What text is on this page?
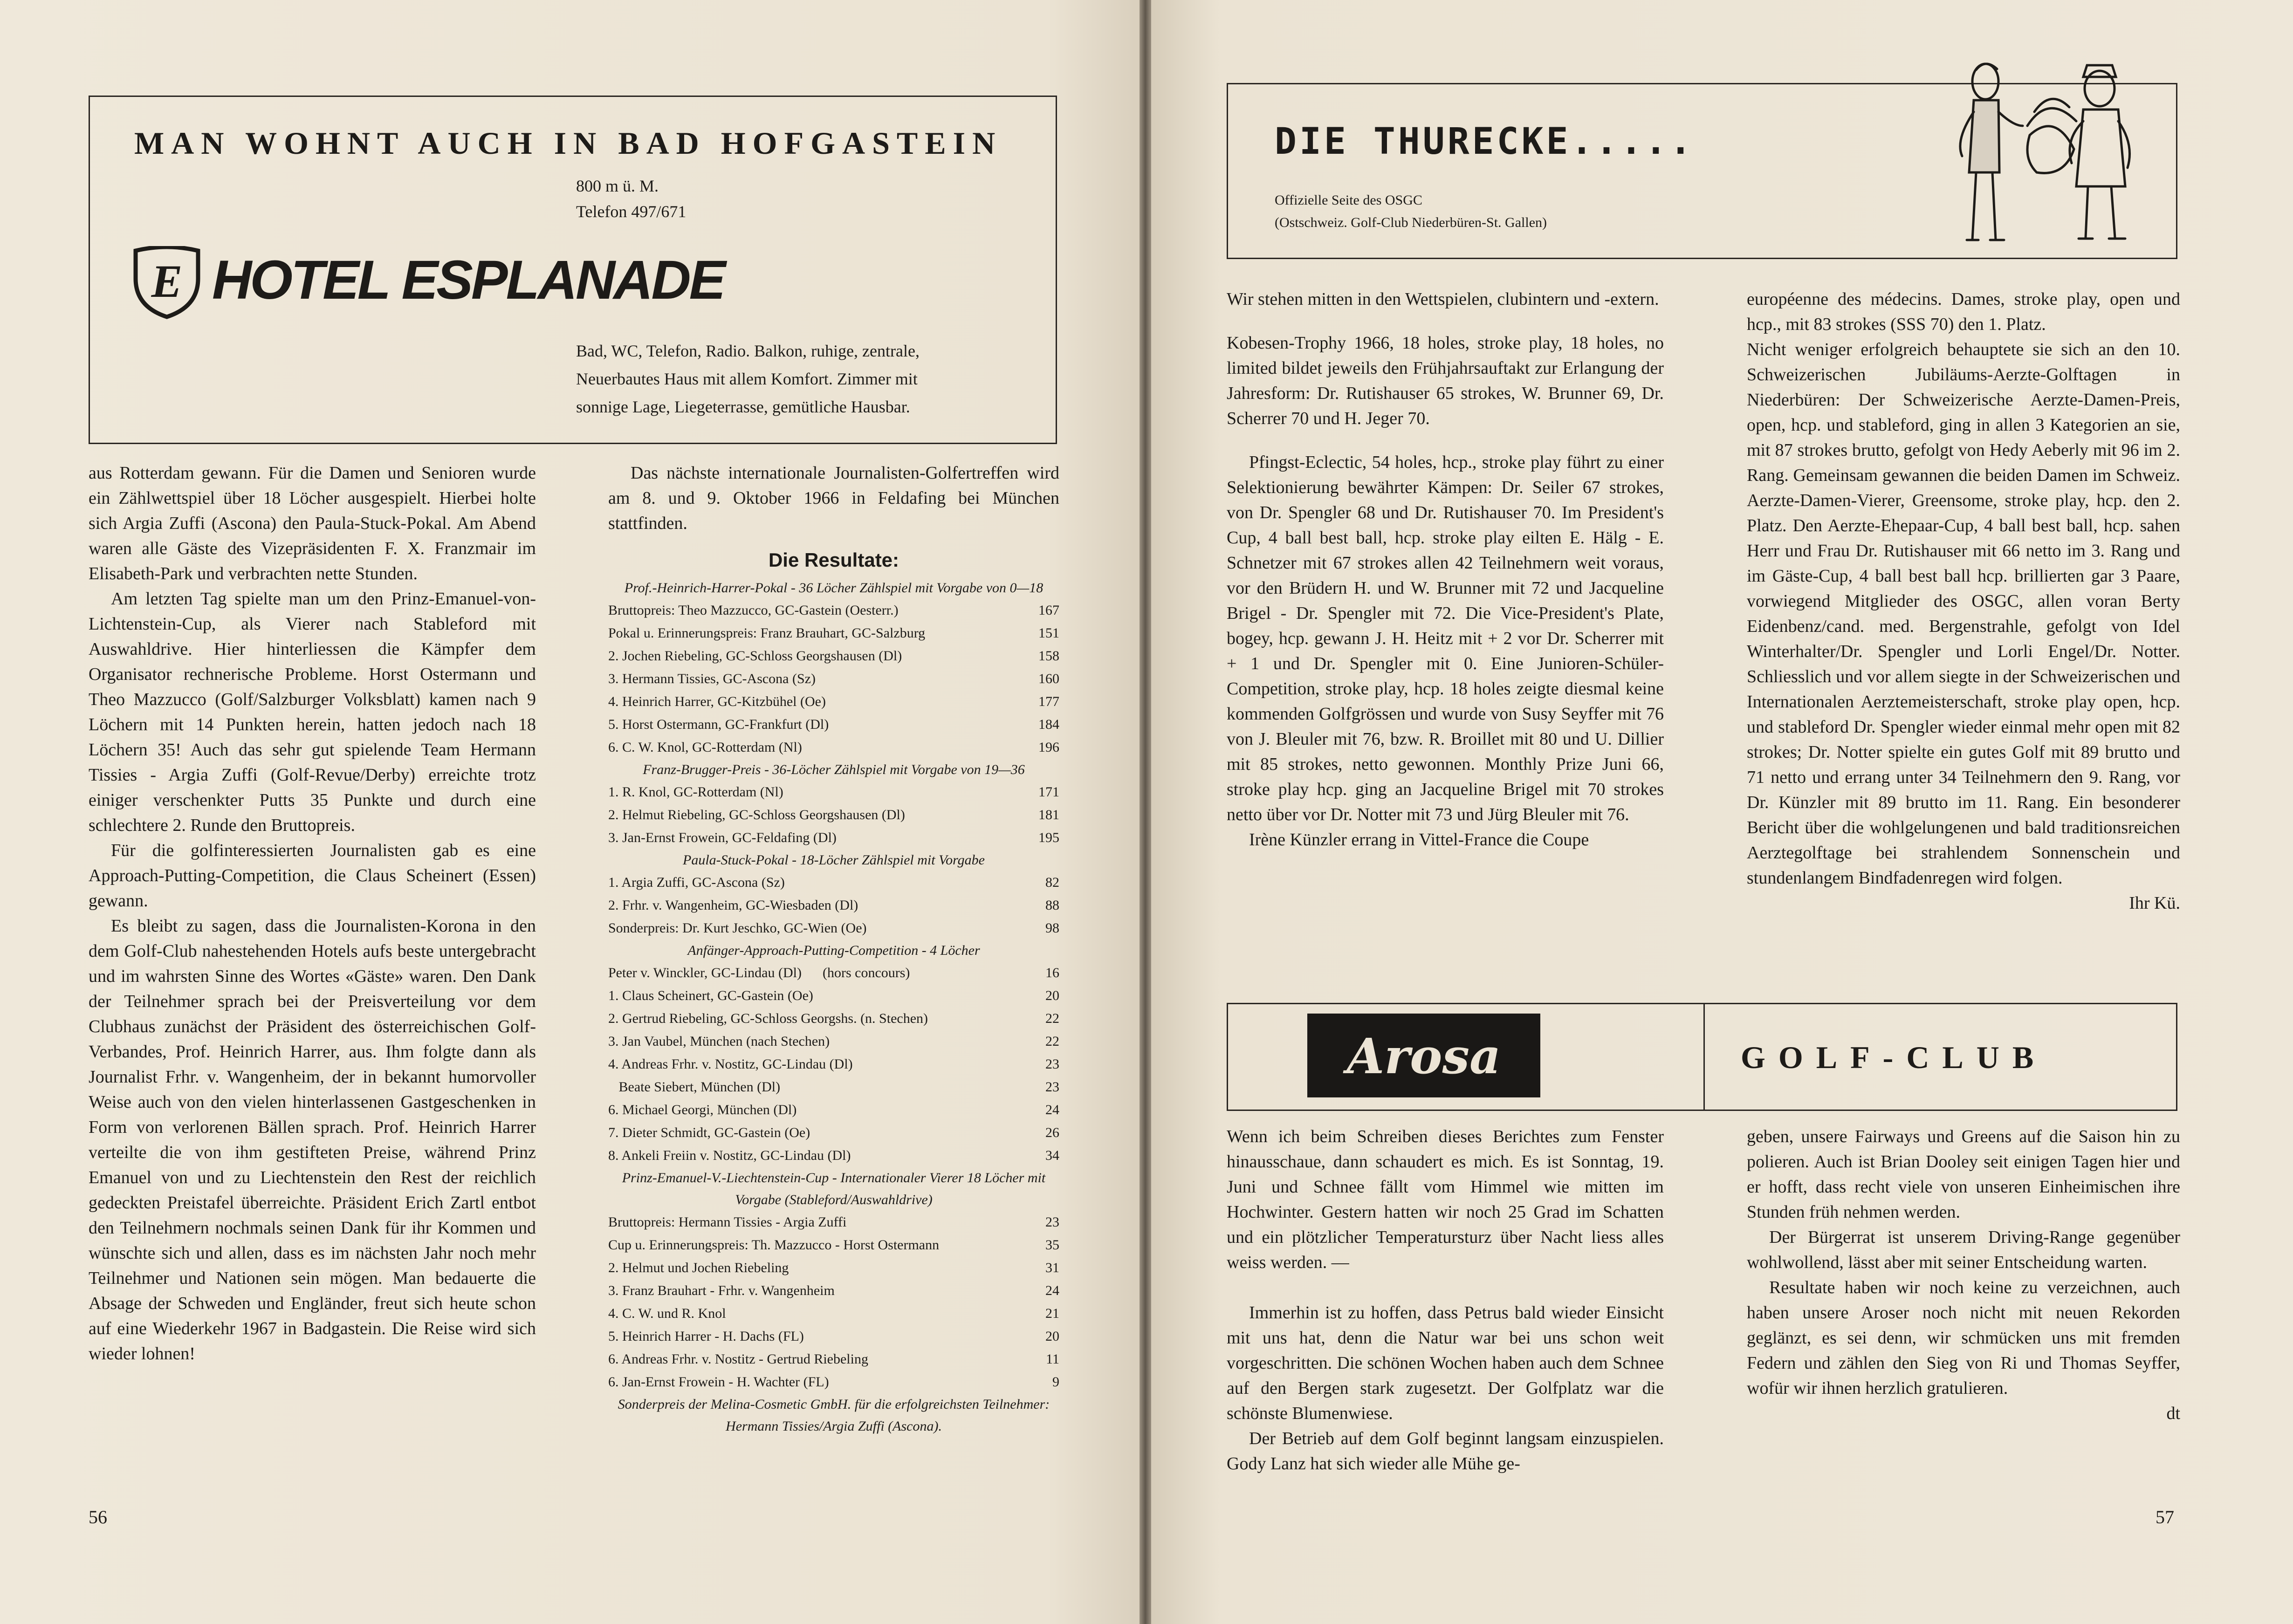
MAN WOHNT AUCH IN BAD HOFGASTEIN
800 m ü. M.
Telefon 497/671
E HOTEL ESPLANADE
Bad, WC, Telefon, Radio. Balkon, ruhige, zentrale,
Neuerbautes Haus mit allem Komfort. Zimmer mit
sonnige Lage, Liegeterrasse, gemütliche Hausbar.
aus Rotterdam gewann. Für die Damen und Senioren wurde ein Zählwettspiel über 18 Löcher ausgespielt. Hierbei holte sich Argia Zuffi (Ascona) den Paula-Stuck-Pokal. Am Abend waren alle Gäste des Vizepräsidenten F. X. Franzmair im Elisabeth-Park und verbrachten nette Stunden.
Am letzten Tag spielte man um den Prinz-Emanuel-von-Lichtenstein-Cup, als Vierer nach Stableford mit Auswahldrive. Hier hinterliessen die Kämpfer dem Organisator rechnerische Probleme. Horst Ostermann und Theo Mazzucco (Golf/Salzburger Volksblatt) kamen nach 9 Löchern mit 14 Punkten herein, hatten jedoch nach 18 Löchern 35! Auch das sehr gut spielende Team Hermann Tissies - Argia Zuffi (Golf-Revue/Derby) erreichte trotz einiger verschenkter Putts 35 Punkte und durch eine schlechtere 2. Runde den Bruttopreis.
Für die golfinteressierten Journalisten gab es eine Approach-Putting-Competition, die Claus Scheinert (Essen) gewann.
Es bleibt zu sagen, dass die Journalisten-Korona in den dem Golf-Club nahestehenden Hotels aufs beste untergebracht und im wahrsten Sinne des Wortes «Gäste» waren. Den Dank der Teilnehmer sprach bei der Preisverteilung vor dem Clubhaus zunächst der Präsident des österreichischen Golf-Verbandes, Prof. Heinrich Harrer, aus. Ihm folgte dann als Journalist Frhr. v. Wangenheim, der in bekannt humorvoller Weise auch von den vielen hinterlassenen Gastgeschenken in Form von verlorenen Bällen sprach. Prof. Heinrich Harrer verteilte die von ihm gestifteten Preise, während Prinz Emanuel von und zu Liechtenstein den Rest der reichlich gedeckten Preistafel überreichte. Präsident Erich Zartl entbot den Teilnehmern nochmals seinen Dank für ihr Kommen und wünschte sich und allen, dass es im nächsten Jahr noch mehr Teilnehmer und Nationen sein mögen. Man bedauerte die Absage der Schweden und Engländer, freut sich heute schon auf eine Wiederkehr 1967 in Badgastein. Die Reise wird sich wieder lohnen!
Das nächste internationale Journalisten-Golfertreffen wird am 8. und 9. Oktober 1966 in Feldafing bei München stattfinden.
Die Resultate:
Prof.-Heinrich-Harrer-Pokal - 36 Löcher Zählspiel mit Vorgabe von 0—18
Bruttopreis: Theo Mazzucco, GC-Gastein (Oesterr.)	167
Pokal u. Erinnerungspreis: Franz Brauhart, GC-Salzburg	151
2. Jochen Riebeling, GC-Schloss Georgshausen (Dl)	158
3. Hermann Tissies, GC-Ascona (Sz)	160
4. Heinrich Harrer, GC-Kitzbühel (Oe)	177
5. Horst Ostermann, GC-Frankfurt (Dl)	184
6. C. W. Knol, GC-Rotterdam (Nl)	196
Franz-Brugger-Preis - 36-Löcher Zählspiel mit Vorgabe von 19—36
1. R. Knol, GC-Rotterdam (Nl)	171
2. Helmut Riebeling, GC-Schloss Georgshausen (Dl)	181
3. Jan-Ernst Frowein, GC-Feldafing (Dl)	195
Paula-Stuck-Pokal - 18-Löcher Zählspiel mit Vorgabe
1. Argia Zuffi, GC-Ascona (Sz)	82
2. Frhr. v. Wangenheim, GC-Wiesbaden (Dl)	88
Sonderpreis: Dr. Kurt Jeschko, GC-Wien (Oe)	98
Anfänger-Approach-Putting-Competition - 4 Löcher
Peter v. Winckler, GC-Lindau (Dl)      (hors concours)	16
1. Claus Scheinert, GC-Gastein (Oe)	20
2. Gertrud Riebeling, GC-Schloss Georgshs. (n. Stechen)	22
3. Jan Vaubel, München (nach Stechen)	22
4. Andreas Frhr. v. Nostitz, GC-Lindau (Dl)	23
Beate Siebert, München (Dl)	23
6. Michael Georgi, München (Dl)	24
7. Dieter Schmidt, GC-Gastein (Oe)	26
8. Ankeli Freiin v. Nostitz, GC-Lindau (Dl)	34
Prinz-Emanuel-V.-Liechtenstein-Cup - Internationaler Vierer 18 Löcher mit Vorgabe (Stableford/Auswahldrive)
Bruttopreis: Hermann Tissies - Argia Zuffi	23
Cup u. Erinnerungspreis: Th. Mazzucco - Horst Ostermann	35
2. Helmut und Jochen Riebeling	31
3. Franz Brauhart - Frhr. v. Wangenheim	24
4. C. W. und R. Knol	21
5. Heinrich Harrer - H. Dachs (FL)	20
6. Andreas Frhr. v. Nostitz - Gertrud Riebeling	11
6. Jan-Ernst Frowein - H. Wachter (FL)	9
Sonderpreis der Melina-Cosmetic GmbH. für die erfolgreichsten Teilnehmer: Hermann Tissies/Argia Zuffi (Ascona).
56
DIE THURECKE.....
Offizielle Seite des OSGC
(Ostschweiz. Golf-Club Niederbüren-St. Gallen)
Wir stehen mitten in den Wettspielen, clubintern und -extern.
Kobesen-Trophy 1966, 18 holes, stroke play, 18 holes, no limited bildet jeweils den Frühjahrsauftakt zur Erlangung der Jahresform: Dr. Rutishauser 65 strokes, W. Brunner 69, Dr. Scherrer 70 und H. Jeger 70.
Pfingst-Eclectic, 54 holes, hcp., stroke play führt zu einer Selektionierung bewährter Kämpen: Dr. Seiler 67 strokes, von Dr. Spengler 68 und Dr. Rutishauser 70. Im President's Cup, 4 ball best ball, hcp. stroke play eilten E. Hälg - E. Schnetzer mit 67 strokes allen 42 Teilnehmern weit voraus, vor den Brüdern H. und W. Brunner mit 72 und Jacqueline Brigel - Dr. Spengler mit 72. Die Vice-President's Plate, bogey, hcp. gewann J. H. Heitz mit + 2 vor Dr. Scherrer mit + 1 und Dr. Spengler mit 0. Eine Junioren-Schüler-Competition, stroke play, hcp. 18 holes zeigte diesmal keine kommenden Golfgrössen und wurde von Susy Seyffer mit 76 von J. Bleuler mit 76, bzw. R. Broillet mit 80 und U. Dillier mit 85 strokes, netto gewonnen. Monthly Prize Juni 66, stroke play hcp. ging an Jacqueline Brigel mit 70 strokes netto über vor Dr. Notter mit 73 und Jürg Bleuler mit 76.
Irène Künzler errang in Vittel-France die Coupe
européenne des médecins. Dames, stroke play, open und hcp., mit 83 strokes (SSS 70) den 1. Platz.
Nicht weniger erfolgreich behauptete sie sich an den 10. Schweizerischen Jubiläums-Aerzte-Golftagen in Niederbüren: Der Schweizerische Aerzte-Damen-Preis, open, hcp. und stableford, ging in allen 3 Kategorien an sie, mit 87 strokes brutto, gefolgt von Hedy Aeberly mit 96 im 2. Rang. Gemeinsam gewannen die beiden Damen im Schweiz. Aerzte-Damen-Vierer, Greensome, stroke play, hcp. den 2. Platz. Den Aerzte-Ehepaar-Cup, 4 ball best ball, hcp. sahen Herr und Frau Dr. Rutishauser mit 66 netto im 3. Rang und im Gäste-Cup, 4 ball best ball hcp. brillierten gar 3 Paare, vorwiegend Mitglieder des OSGC, allen voran Berty Eidenbenz/cand. med. Bergenstrahle, gefolgt von Idel Winterhalter/Dr. Spengler und Lorli Engel/Dr. Notter. Schliesslich und vor allem siegte in der Schweizerischen und Internationalen Aerztemeisterschaft, stroke play open, hcp. und stableford Dr. Spengler wieder einmal mehr open mit 82 strokes; Dr. Notter spielte ein gutes Golf mit 89 brutto und 71 netto und errang unter 34 Teilnehmern den 9. Rang, vor Dr. Künzler mit 89 brutto im 11. Rang. Ein besonderer Bericht über die wohlgelungenen und bald traditionsreichen Aerztegolftage bei strahlendem Sonnenschein und stundenlangem Bindfadenregen wird folgen.
Ihr Kü.
Arosa	GOLF-CLUB
Wenn ich beim Schreiben dieses Berichtes zum Fenster hinausschaue, dann schaudert es mich. Es ist Sonntag, 19. Juni und Schnee fällt vom Himmel wie mitten im Hochwinter. Gestern hatten wir noch 25 Grad im Schatten und ein plötzlicher Temperatursturz über Nacht liess alles weiss werden. —
Immerhin ist zu hoffen, dass Petrus bald wieder Einsicht mit uns hat, denn die Natur war bei uns schon weit vorgeschritten. Die schönen Wochen haben auch dem Schnee auf den Bergen stark zugesetzt. Der Golfplatz war die schönste Blumenwiese.
Der Betrieb auf dem Golf beginnt langsam einzuspielen. Gody Lanz hat sich wieder alle Mühe ge-
geben, unsere Fairways und Greens auf die Saison hin zu polieren. Auch ist Brian Dooley seit einigen Tagen hier und er hofft, dass recht viele von unseren Einheimischen ihre Stunden früh nehmen werden.
Der Bürgerrat ist unserem Driving-Range gegenüber wohlwollend, lässt aber mit seiner Entscheidung warten.
Resultate haben wir noch keine zu verzeichnen, auch haben unsere Aroser noch nicht mit neuen Rekorden geglänzt, es sei denn, wir schmücken uns mit fremden Federn und zählen den Sieg von Ri und Thomas Seyffer, wofür wir ihnen herzlich gratulieren.
dt
57
